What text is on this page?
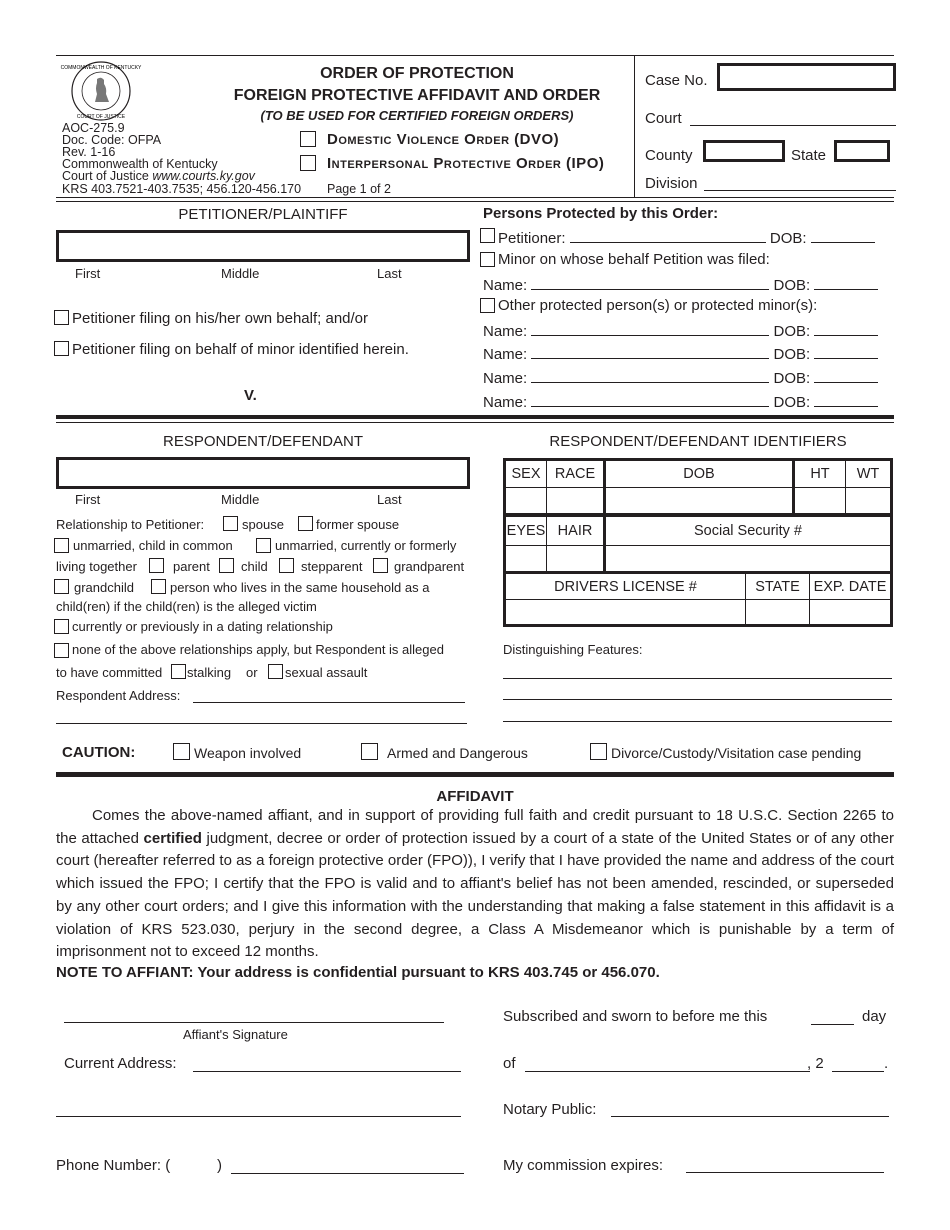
COMMONWEALTH OF KENTUCKY
COURT OF JUSTICE
AOC-275.9
Doc. Code: OFPA
Rev. 1-16
Commonwealth of Kentucky
Court of Justice www.courts.ky.gov
KRS 403.7521-403.7535; 456.120-456.170 Page 1 of 2
ORDER OF PROTECTION
FOREIGN PROTECTIVE AFFIDAVIT AND ORDER
(TO BE USED FOR CERTIFIED FOREIGN ORDERS)
Domestic Violence Order (DVO)
Interpersonal Protective Order (IPO)
Case No.
Court
County	State
Division
PETITIONER/PLAINTIFF
First	Middle	Last
Petitioner filing on his/her own behalf; and/or
Petitioner filing on behalf of minor identified herein.
V.
Persons Protected by this Order:
Petitioner:	DOB:
Minor on whose behalf Petition was filed:
Name:	DOB:
Other protected person(s) or protected minor(s):
Name:	DOB:
Name:	DOB:
Name:	DOB:
Name:	DOB:
RESPONDENT/DEFENDANT
First	Middle	Last
Relationship to Petitioner:	spouse former spouse
unmarried, child in common	unmarried, currently or formerly
living together	parent child	stepparent grandparent
grandchild	person who lives in the same household as a
child(ren) if the child(ren) is the alleged victim
currently or previously in a dating relationship
none of the above relationships apply, but Respondent is alleged
to have committed stalking or sexual assault
Respondent Address:
RESPONDENT/DEFENDANT IDENTIFIERS
SEX	RACE	DOB	HT	WT

EYES	HAIR	Social Security #

DRIVERS LICENSE #	STATE	EXP. DATE

Distinguishing Features:
CAUTION:	Weapon involved	Armed and Dangerous	Divorce/Custody/Visitation case pending
AFFIDAVIT
Comes the above-named affiant, and in support of providing full faith and credit pursuant to 18 U.S.C. Section 2265 to the attached certified judgment, decree or order of protection issued by a court of a state of the United States or of any other court (hereafter referred to as a foreign protective order (FPO)), I verify that I have provided the name and address of the court which issued the FPO; I certify that the FPO is valid and to affiant's belief has not been amended, rescinded, or superseded by any other court orders; and I give this information with the understanding that making a false statement in this affidavit is a violation of KRS 523.030, perjury in the second degree, a Class A Misdemeanor which is punishable by a term of imprisonment not to exceed 12 months.
NOTE TO AFFIANT: Your address is confidential pursuant to KRS 403.745 or 456.070.
Affiant's Signature
Current Address:
Phone Number: (	)
Subscribed and sworn to before me this	day
of	, 2	.
Notary Public:
My commission expires:
